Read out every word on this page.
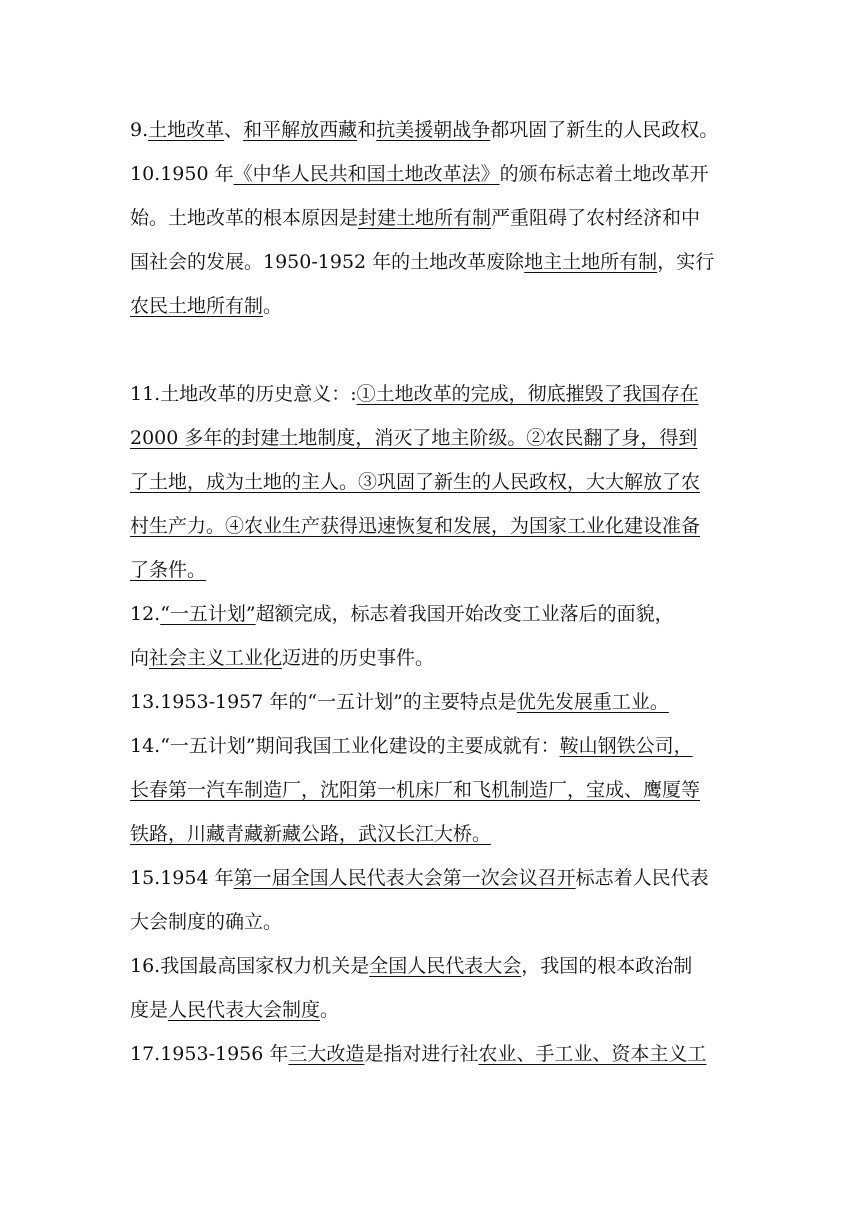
9.土地改革、和平解放西藏和抗美援朝战争都巩固了新生的人民政权。
10.1950 年《中华人民共和国土地改革法》的颁布标志着土地改革开
始。土地改革的根本原因是封建土地所有制严重阻碍了农村经济和中
国社会的发展。1950-1952 年的土地改革废除地主土地所有制，实行
农民土地所有制。
11.土地改革的历史意义：:①土地改革的完成，彻底摧毁了我国存在
2000 多年的封建土地制度，消灭了地主阶级。②农民翻了身，得到
了土地，成为土地的主人。③巩固了新生的人民政权，大大解放了农
村生产力。④农业生产获得迅速恢复和发展，为国家工业化建设准备
了条件。
12.“一五计划”超额完成，标志着我国开始改变工业落后的面貌，
向社会主义工业化迈进的历史事件。
13.1953-1957 年的“一五计划”的主要特点是优先发展重工业。
14.“一五计划”期间我国工业化建设的主要成就有：鞍山钢铁公司，
长春第一汽车制造厂，沈阳第一机床厂和飞机制造厂，宝成、鹰厦等
铁路，川藏青藏新藏公路，武汉长江大桥。
15.1954 年第一届全国人民代表大会第一次会议召开标志着人民代表
大会制度的确立。
16.我国最高国家权力机关是全国人民代表大会，我国的根本政治制
度是人民代表大会制度。
17.1953-1956 年三大改造是指对进行社农业、手工业、资本主义工
